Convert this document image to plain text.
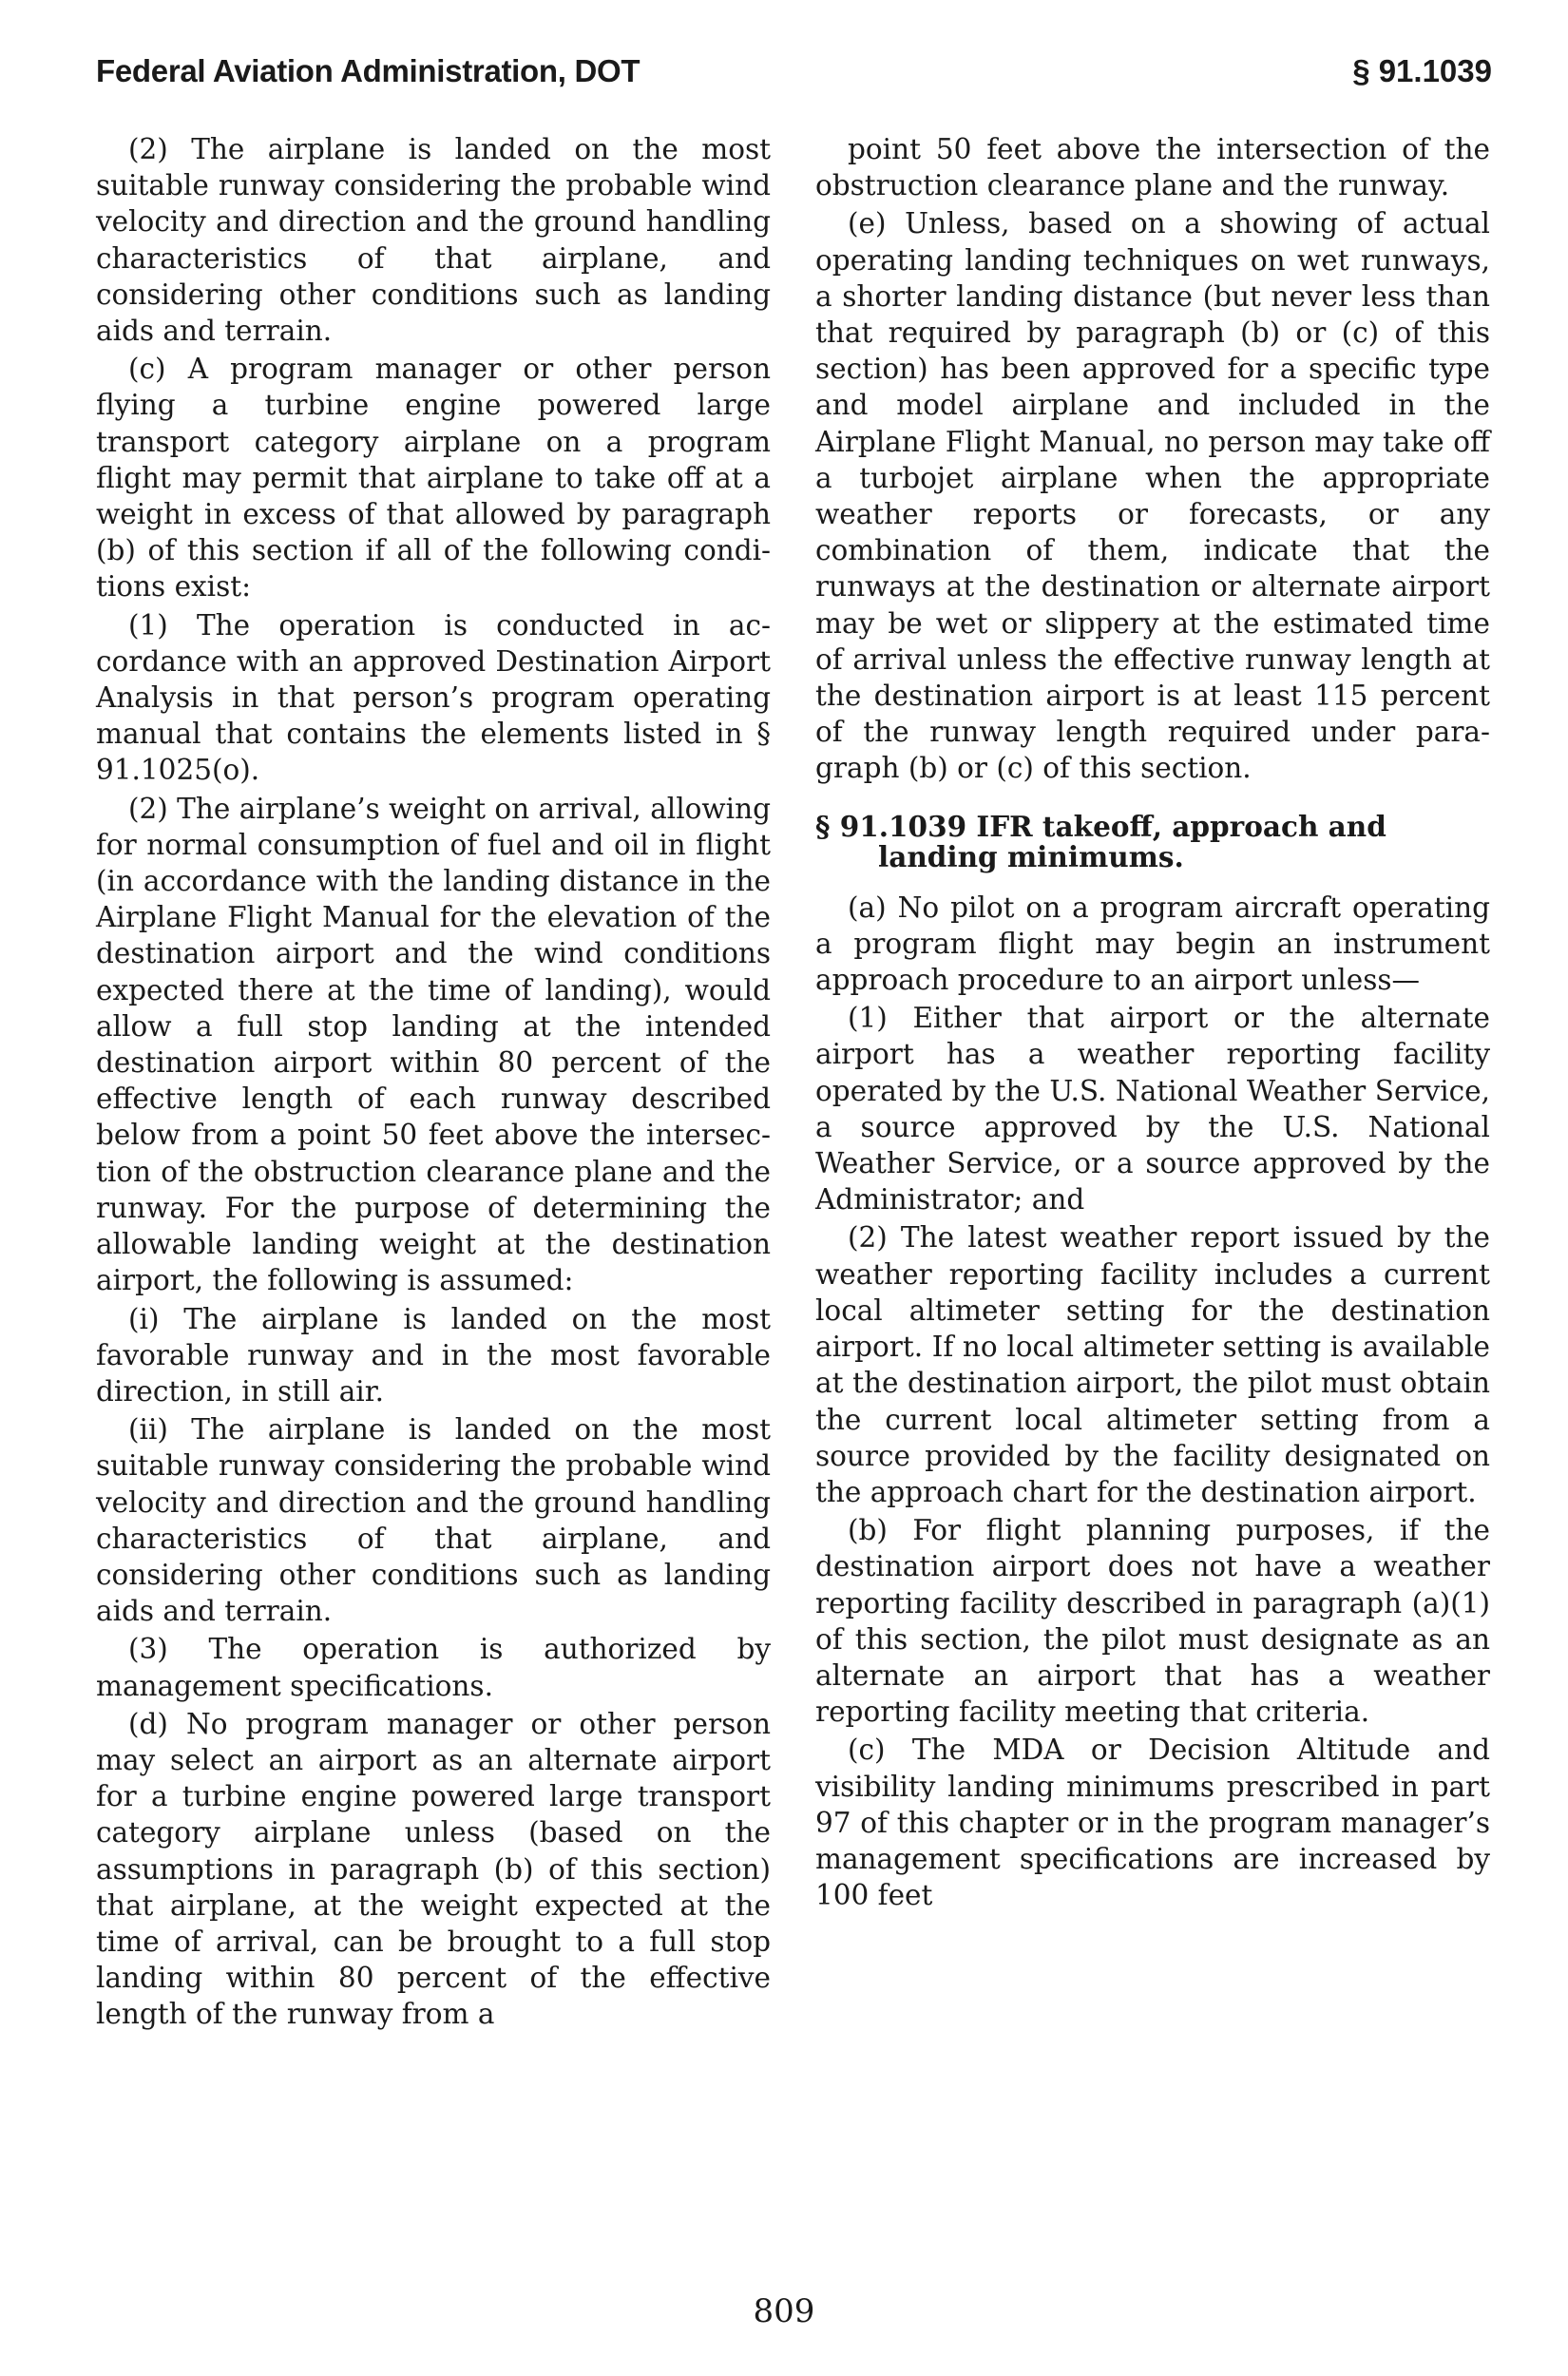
Federal Aviation Administration, DOT	§ 91.1039

(2) The airplane is landed on the most suitable runway considering the probable wind velocity and direction and the ground handling characteristics of that airplane, and considering other conditions such as landing aids and terrain.

(c) A program manager or other person flying a turbine engine powered large transport category airplane on a program flight may permit that airplane to take off at a weight in excess of that allowed by paragraph (b) of this section if all of the following conditions exist:

(1) The operation is conducted in accordance with an approved Destination Airport Analysis in that person’s program operating manual that contains the elements listed in § 91.1025(o).

(2) The airplane’s weight on arrival, allowing for normal consumption of fuel and oil in flight (in accordance with the landing distance in the Airplane Flight Manual for the elevation of the destination airport and the wind conditions expected there at the time of landing), would allow a full stop landing at the intended destination airport within 80 percent of the effective length of each runway described below from a point 50 feet above the intersection of the obstruction clearance plane and the runway. For the purpose of determining the allowable landing weight at the destination airport, the following is assumed:

(i) The airplane is landed on the most favorable runway and in the most favorable direction, in still air.

(ii) The airplane is landed on the most suitable runway considering the probable wind velocity and direction and the ground handling characteristics of that airplane, and considering other conditions such as landing aids and terrain.

(3) The operation is authorized by management specifications.

(d) No program manager or other person may select an airport as an alternate airport for a turbine engine powered large transport category airplane unless (based on the assumptions in paragraph (b) of this section) that airplane, at the weight expected at the time of arrival, can be brought to a full stop landing within 80 percent of the effective length of the runway from a

point 50 feet above the intersection of the obstruction clearance plane and the runway.

(e) Unless, based on a showing of actual operating landing techniques on wet runways, a shorter landing distance (but never less than that required by paragraph (b) or (c) of this section) has been approved for a specific type and model airplane and included in the Airplane Flight Manual, no person may take off a turbojet airplane when the appropriate weather reports or forecasts, or any combination of them, indicate that the runways at the destination or alternate airport may be wet or slippery at the estimated time of arrival unless the effective runway length at the destination airport is at least 115 percent of the runway length required under paragraph (b) or (c) of this section.

§ 91.1039 IFR takeoff, approach and landing minimums.

(a) No pilot on a program aircraft operating a program flight may begin an instrument approach procedure to an airport unless—

(1) Either that airport or the alternate airport has a weather reporting facility operated by the U.S. National Weather Service, a source approved by the U.S. National Weather Service, or a source approved by the Administrator; and

(2) The latest weather report issued by the weather reporting facility includes a current local altimeter setting for the destination airport. If no local altimeter setting is available at the destination airport, the pilot must obtain the current local altimeter setting from a source provided by the facility designated on the approach chart for the destination airport.

(b) For flight planning purposes, if the destination airport does not have a weather reporting facility described in paragraph (a)(1) of this section, the pilot must designate as an alternate an airport that has a weather reporting facility meeting that criteria.

(c) The MDA or Decision Altitude and visibility landing minimums prescribed in part 97 of this chapter or in the program manager’s management specifications are increased by 100 feet

809
